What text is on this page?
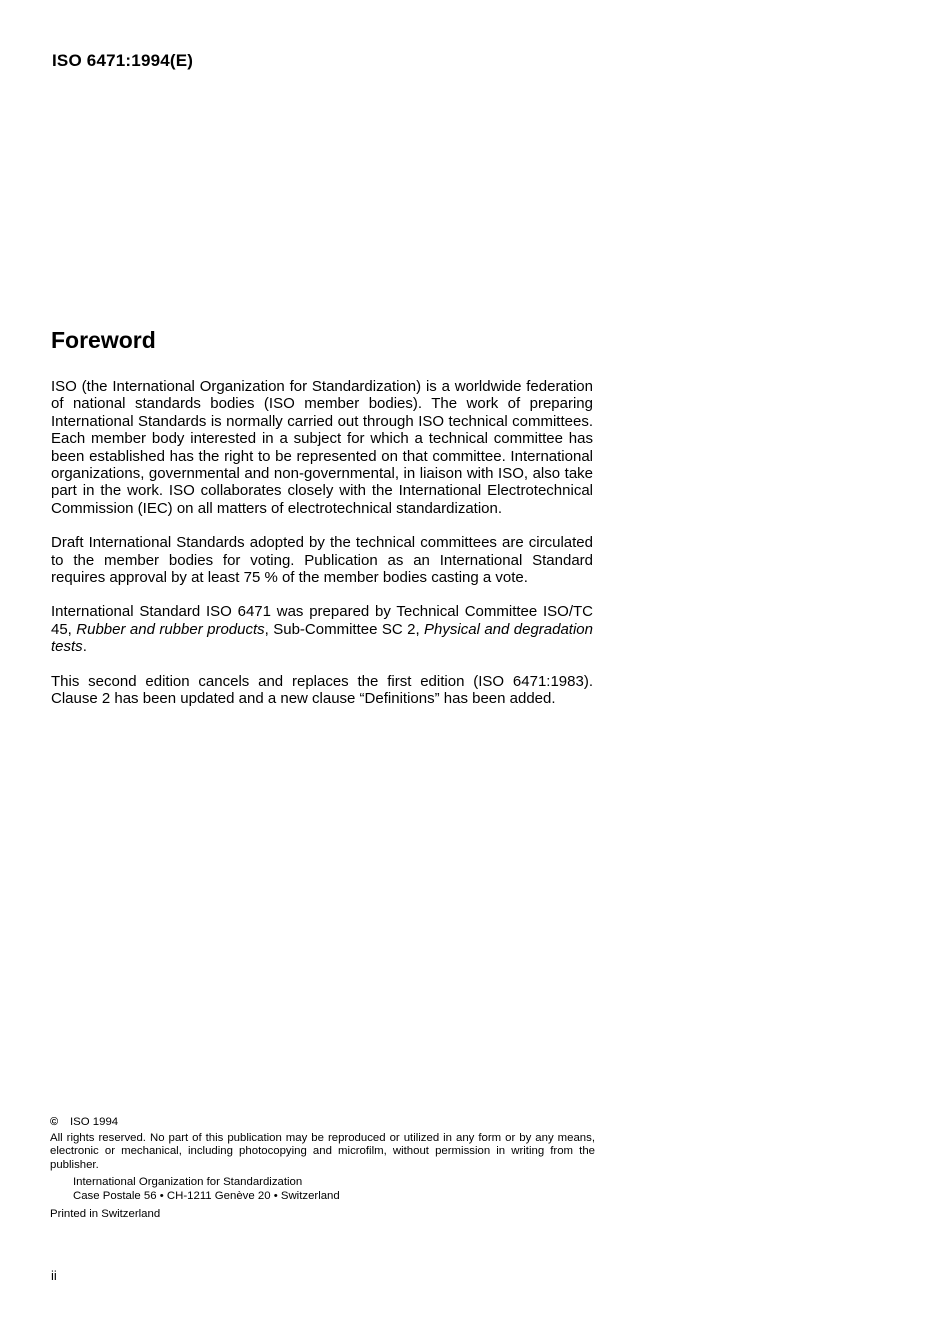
ISO 6471:1994(E)
Foreword

ISO (the International Organization for Standardization) is a worldwide federation of national standards bodies (ISO member bodies). The work of preparing International Standards is normally carried out through ISO technical committees. Each member body interested in a subject for which a technical committee has been established has the right to be represented on that committee. International organizations, governmental and non-governmental, in liaison with ISO, also take part in the work. ISO collaborates closely with the International Electrotechnical Commission (IEC) on all matters of electrotechnical standardization.

Draft International Standards adopted by the technical committees are circulated to the member bodies for voting. Publication as an International Standard requires approval by at least 75 % of the member bodies casting a vote.

International Standard ISO 6471 was prepared by Technical Committee ISO/TC 45, Rubber and rubber products, Sub-Committee SC 2, Physical and degradation tests.

This second edition cancels and replaces the first edition (ISO 6471:1983). Clause 2 has been updated and a new clause “Definitions” has been added.

© ISO 1994
All rights reserved. No part of this publication may be reproduced or utilized in any form or by any means, electronic or mechanical, including photocopying and microfilm, without permission in writing from the publisher.
International Organization for Standardization
Case Postale 56 • CH-1211 Genève 20 • Switzerland
Printed in Switzerland
ii
